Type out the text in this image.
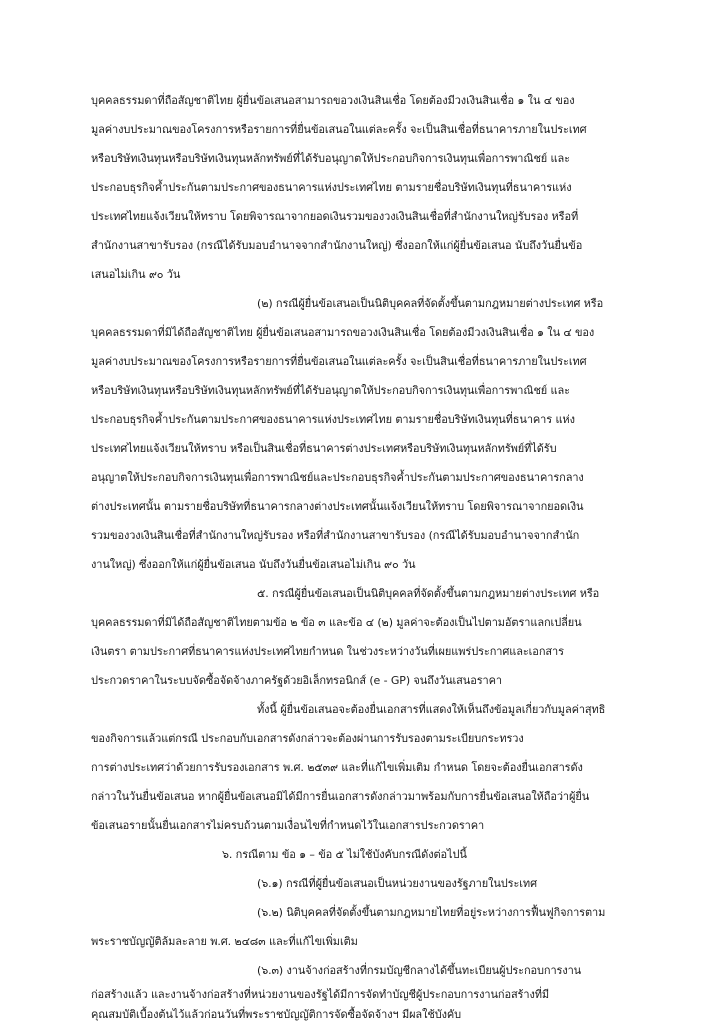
บุคคลธรรมดาที่ถือสัญชาติไทย ผู้ยื่นข้อเสนอสามารถขอวงเงินสินเชื่อ โดยต้องมีวงเงินสินเชื่อ ๑ ใน ๔ ของ

มูลค่างบประมาณของโครงการหรือรายการที่ยื่นข้อเสนอในแต่ละครั้ง จะเป็นสินเชื่อที่ธนาคารภายในประเทศ

หรือบริษัทเงินทุนหรือบริษัทเงินทุนหลักทรัพย์ที่ได้รับอนุญาตให้ประกอบกิจการเงินทุนเพื่อการพาณิชย์ และ

ประกอบธุรกิจค้ำประกันตามประกาศของธนาคารแห่งประเทศไทย ตามรายชื่อบริษัทเงินทุนที่ธนาคารแห่ง

ประเทศไทยแจ้งเวียนให้ทราบ โดยพิจารณาจากยอดเงินรวมของวงเงินสินเชื่อที่สำนักงานใหญ่รับรอง หรือที่

สำนักงานสาขารับรอง (กรณีได้รับมอบอำนาจจากสำนักงานใหญ่) ซึ่งออกให้แก่ผู้ยื่นข้อเสนอ นับถึงวันยื่นข้อ

เสนอไม่เกิน ๙๐ วัน

(๒) กรณีผู้ยื่นข้อเสนอเป็นนิติบุคคลที่จัดตั้งขึ้นตามกฎหมายต่างประเทศ หรือ

บุคคลธรรมดาที่มิได้ถือสัญชาติไทย ผู้ยื่นข้อเสนอสามารถขอวงเงินสินเชื่อ โดยต้องมีวงเงินสินเชื่อ ๑ ใน ๔ ของ

มูลค่างบประมาณของโครงการหรือรายการที่ยื่นข้อเสนอในแต่ละครั้ง จะเป็นสินเชื่อที่ธนาคารภายในประเทศ

หรือบริษัทเงินทุนหรือบริษัทเงินทุนหลักทรัพย์ที่ได้รับอนุญาตให้ประกอบกิจการเงินทุนเพื่อการพาณิชย์ และ

ประกอบธุรกิจค้ำประกันตามประกาศของธนาคารแห่งประเทศไทย ตามรายชื่อบริษัทเงินทุนที่ธนาคาร แห่ง

ประเทศไทยแจ้งเวียนให้ทราบ หรือเป็นสินเชื่อที่ธนาคารต่างประเทศหรือบริษัทเงินทุนหลักทรัพย์ที่ได้รับ

อนุญาตให้ประกอบกิจการเงินทุนเพื่อการพาณิชย์และประกอบธุรกิจค้ำประกันตามประกาศของธนาคารกลาง

ต่างประเทศนั้น ตามรายชื่อบริษัทที่ธนาคารกลางต่างประเทศนั้นแจ้งเวียนให้ทราบ โดยพิจารณาจากยอดเงิน

รวมของวงเงินสินเชื่อที่สำนักงานใหญ่รับรอง หรือที่สำนักงานสาขารับรอง (กรณีได้รับมอบอำนาจจากสำนัก

งานใหญ่) ซึ่งออกให้แก่ผู้ยื่นข้อเสนอ นับถึงวันยื่นข้อเสนอไม่เกิน ๙๐ วัน

๕. กรณีผู้ยื่นข้อเสนอเป็นนิติบุคคลที่จัดตั้งขึ้นตามกฎหมายต่างประเทศ หรือ

บุคคลธรรมดาที่มิได้ถือสัญชาติไทยตามข้อ ๒ ข้อ ๓ และข้อ ๔ (๒) มูลค่าจะต้องเป็นไปตามอัตราแลกเปลี่ยน

เงินตรา ตามประกาศที่ธนาคารแห่งประเทศไทยกำหนด ในช่วงระหว่างวันที่เผยแพร่ประกาศและเอกสาร

ประกวดราคาในระบบจัดซื้อจัดจ้างภาครัฐด้วยอิเล็กทรอนิกส์ (e - GP) จนถึงวันเสนอราคา

ทั้งนี้ ผู้ยื่นข้อเสนอจะต้องยื่นเอกสารที่แสดงให้เห็นถึงข้อมูลเกี่ยวกับมูลค่าสุทธิ

ของกิจการแล้วแต่กรณี ประกอบกับเอกสารดังกล่าวจะต้องผ่านการรับรองตามระเบียบกระทรวง

การต่างประเทศว่าด้วยการรับรองเอกสาร พ.ศ. ๒๕๓๙ และที่แก้ไขเพิ่มเติม กำหนด โดยจะต้องยื่นเอกสารดัง

กล่าวในวันยื่นข้อเสนอ หากผู้ยื่นข้อเสนอมิได้มีการยื่นเอกสารดังกล่าวมาพร้อมกับการยื่นข้อเสนอให้ถือว่าผู้ยื่น

ข้อเสนอรายนั้นยื่นเอกสารไม่ครบถ้วนตามเงื่อนไขที่กำหนดไว้ในเอกสารประกวดราคา

๖. กรณีตาม ข้อ ๑ – ข้อ ๕ ไม่ใช้บังคับกรณีดังต่อไปนี้

(๖.๑) กรณีที่ผู้ยื่นข้อเสนอเป็นหน่วยงานของรัฐภายในประเทศ

(๖.๒) นิติบุคคลที่จัดตั้งขึ้นตามกฎหมายไทยที่อยู่ระหว่างการฟื้นฟูกิจการตาม

พระราชบัญญัติล้มละลาย พ.ศ. ๒๔๘๓ และที่แก้ไขเพิ่มเติม

(๖.๓) งานจ้างก่อสร้างที่กรมบัญชีกลางได้ขึ้นทะเบียนผู้ประกอบการงาน

ก่อสร้างแล้ว และงานจ้างก่อสร้างที่หน่วยงานของรัฐได้มีการจัดทำบัญชีผู้ประกอบการงานก่อสร้างที่มี

คุณสมบัติเบื้องต้นไว้แล้วก่อนวันที่พระราชบัญญัติการจัดซื้อจัดจ้างฯ มีผลใช้บังคับ
